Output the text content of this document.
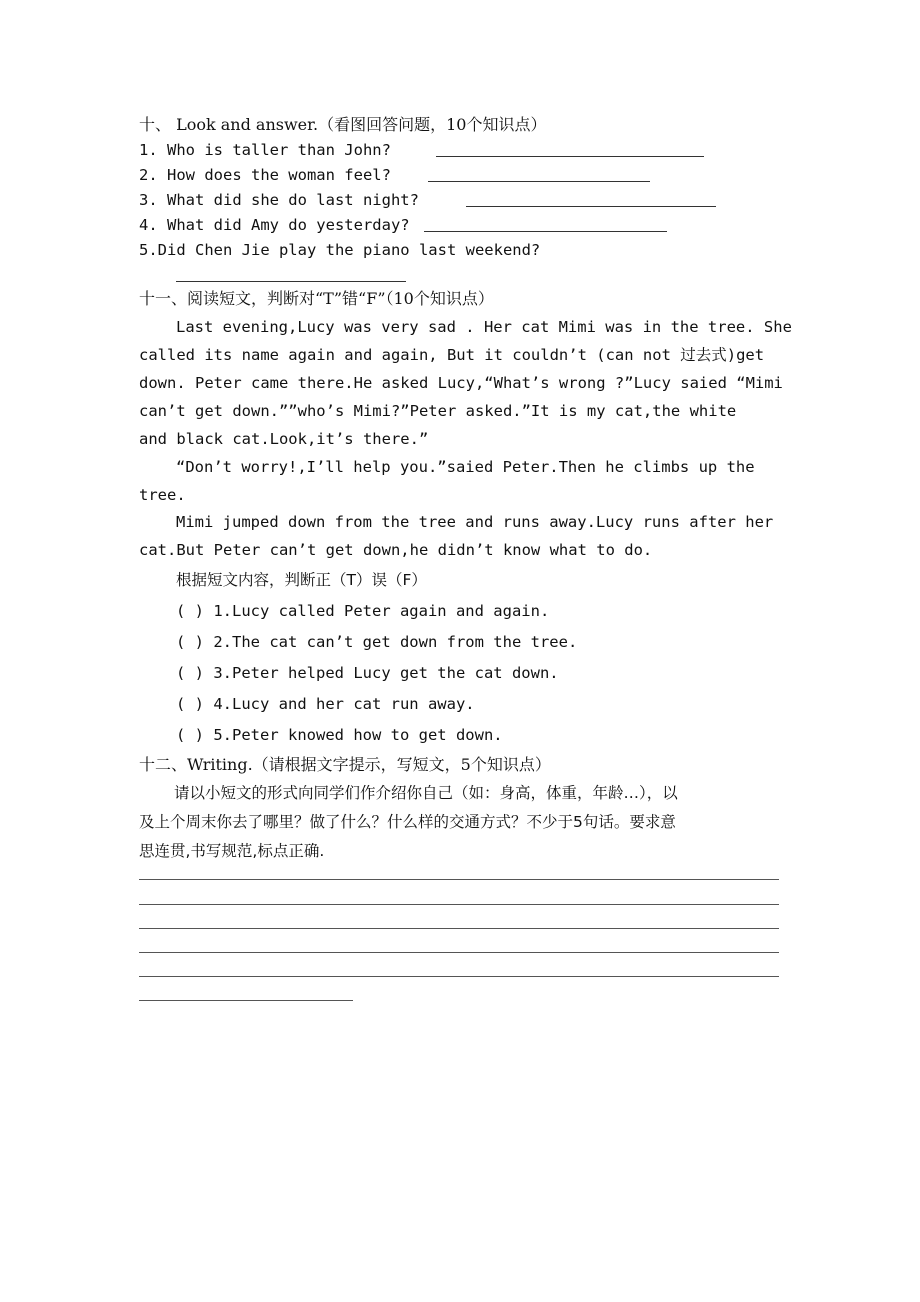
十、 Look and answer.（看图回答问题，10个知识点）

1. Who is taller than John?

2. How does the woman feel?

3. What did she do last night?

4. What did Amy do yesterday?

5.Did Chen Jie play the piano last weekend?

十一、阅读短文，判断对“T”错“F”（10个知识点）

Last evening,Lucy was very sad . Her cat Mimi was in the tree. She

called its name again and again, But it couldn’t (can not 过去式)get

down. Peter came there.He asked Lucy,“What’s wrong ?”Lucy saied “Mimi

can’t get down.””who’s Mimi?”Peter asked.”It is my cat,the white

and black cat.Look,it’s there.”

“Don’t worry!,I’ll help you.”saied Peter.Then he climbs up the

tree.

Mimi jumped down from the tree and runs away.Lucy runs after her

cat.But Peter can’t get down,he didn’t know what to do.

根据短文内容，判断正（T）误（F）

( ) 1.Lucy called Peter again and again.

( ) 2.The cat can’t get down from the tree.

( ) 3.Peter helped Lucy get the cat down.

( ) 4.Lucy and her cat run away.

( ) 5.Peter knowed how to get down.

十二、Writing.（请根据文字提示，写短文，5个知识点）

请以小短文的形式向同学们作介绍你自己（如：身高，体重，年龄…），以

及上个周末你去了哪里？做了什么？什么样的交通方式？不少于5句话。要求意

思连贯,书写规范,标点正确.
